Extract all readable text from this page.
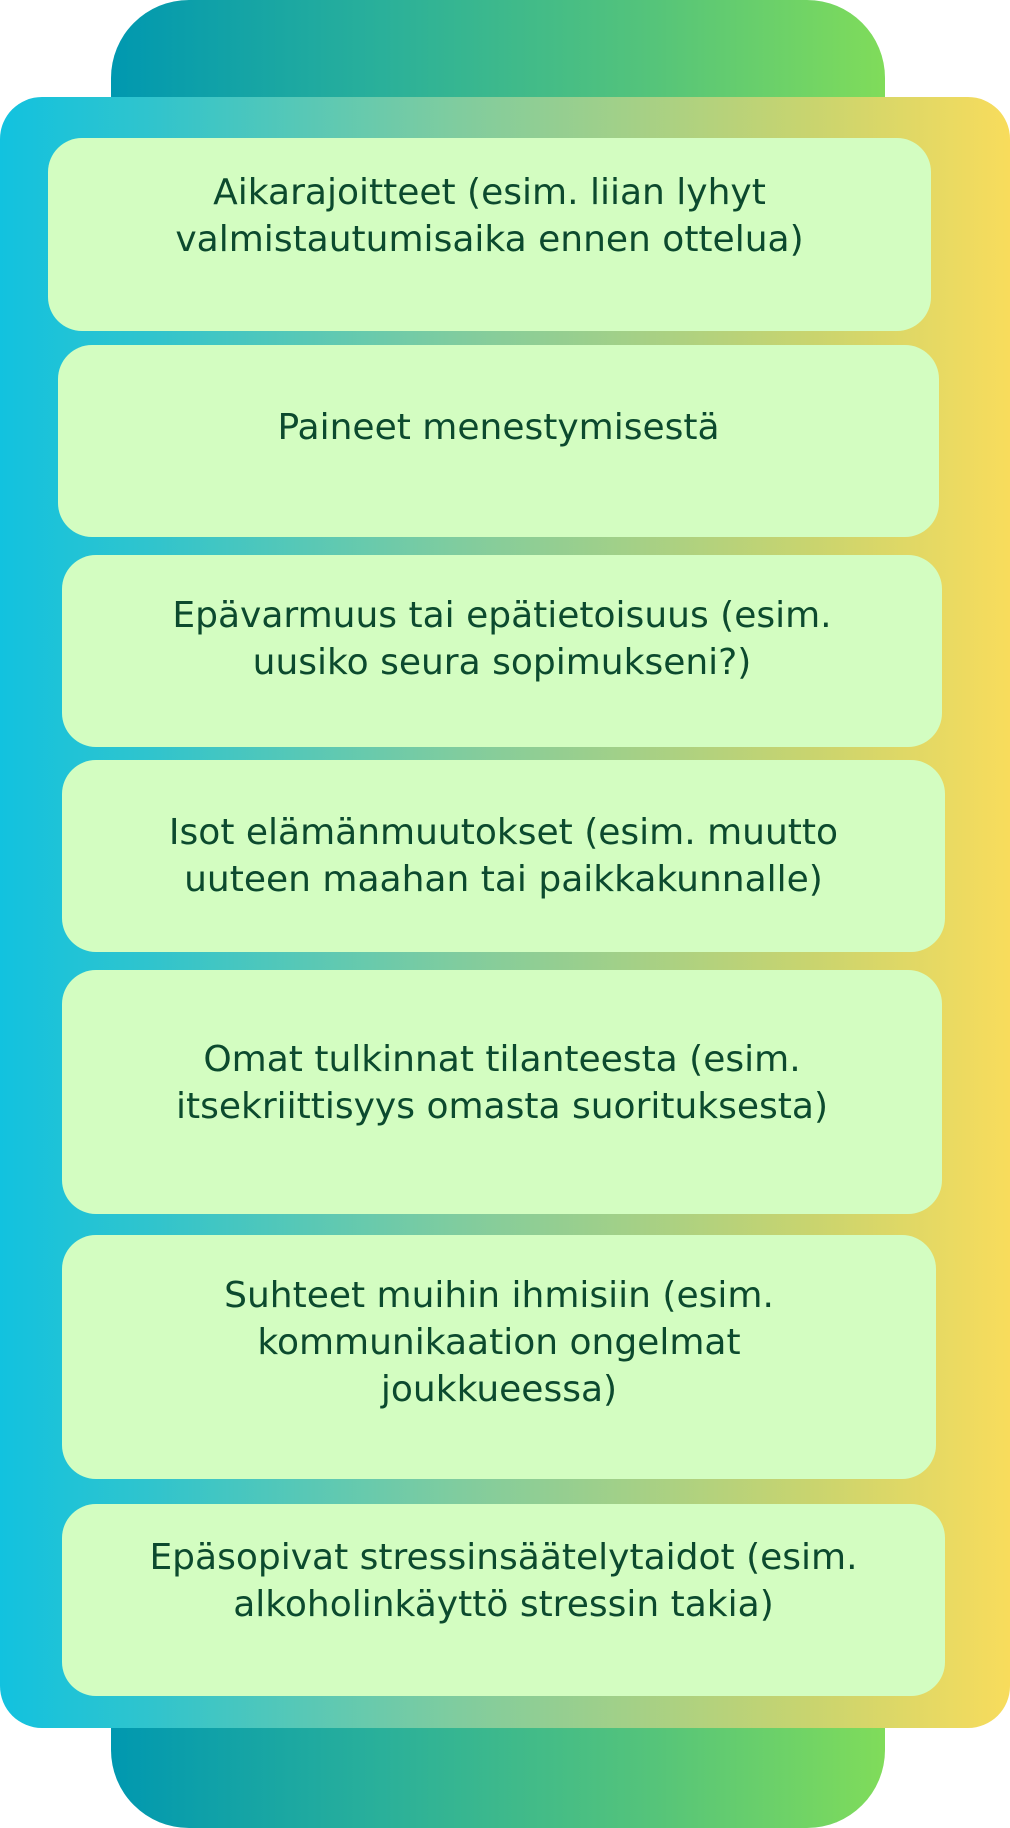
Aikarajoitteet (esim. liian lyhyt
valmistautumisaika ennen ottelua)
Paineet menestymisestä
Epävarmuus tai epätietoisuus (esim.
uusiko seura sopimukseni?)
Isot elämänmuutokset (esim. muutto
uuteen maahan tai paikkakunnalle)
Omat tulkinnat tilanteesta (esim.
itsekriittisyys omasta suorituksesta)
Suhteet muihin ihmisiin (esim.
kommunikaation ongelmat
joukkueessa)
Epäsopivat stressinsäätelytaidot (esim.
alkoholinkäyttö stressin takia)
